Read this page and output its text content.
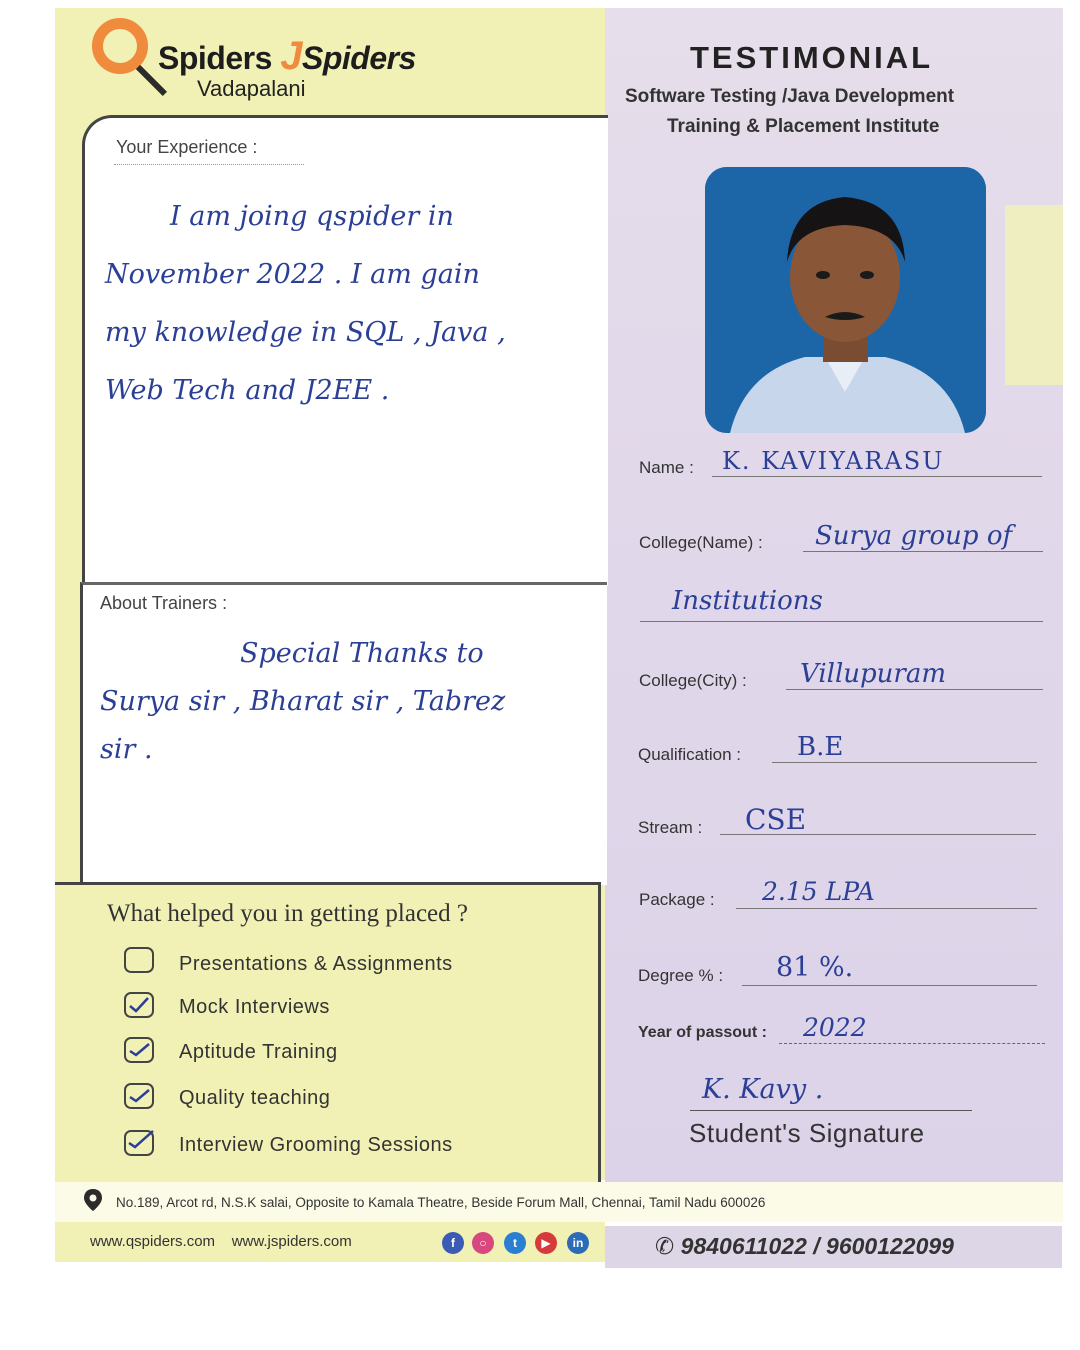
Spiders JSpiders
Vadapalani
TESTIMONIAL
Software Testing /Java Development
Training & Placement Institute
Your Experience :
I am joing qspider in
November 2022 . I am gain
my knowledge in SQL , Java ,
Web Tech and J2EE .
About Trainers :
Special Thanks to
Surya sir , Bharat sir , Tabrez
sir .
What helped you in getting placed ?
Presentations & Assignments
Mock Interviews
Aptitude Training
Quality teaching
Interview Grooming Sessions
Name : K. KAVIYARASU
College(Name) : Surya group of
Institutions
College(City) : Villupuram
Qualification : B.E
Stream : CSE
Package : 2.15 LPA
Degree % : 81 %.
Year of passout : 2022
K. Kavy .
Student's Signature
No.189, Arcot rd, N.S.K salai, Opposite to Kamala Theatre, Beside Forum Mall, Chennai, Tamil Nadu 600026
www.qspiders.com www.jspiders.com	f	○	t	▶	in	✆ 9840611022 / 9600122099
